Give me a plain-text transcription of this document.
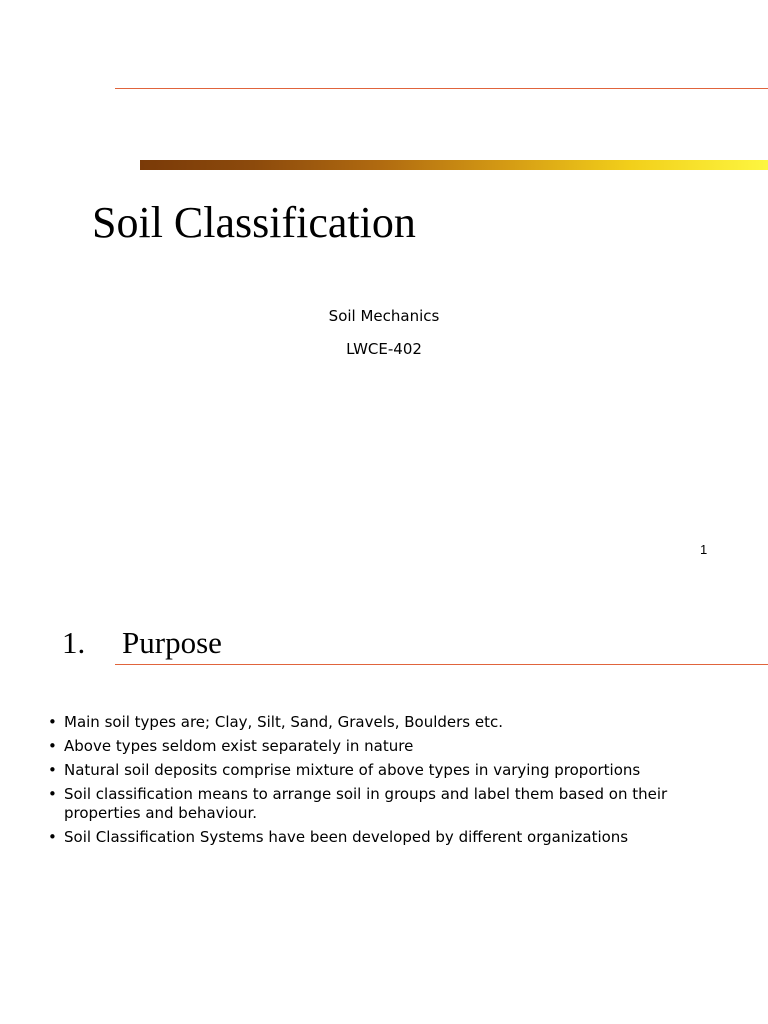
Soil Classification
Soil Mechanics
LWCE-402
1
1. Purpose
• Main soil types are; Clay, Silt, Sand, Gravels, Boulders etc.
• Above types seldom exist separately in nature
• Natural soil deposits comprise mixture of above types in varying proportions
• Soil classification means to arrange soil in groups and label them based on their properties and behaviour.
• Soil Classification Systems have been developed by different organizations
